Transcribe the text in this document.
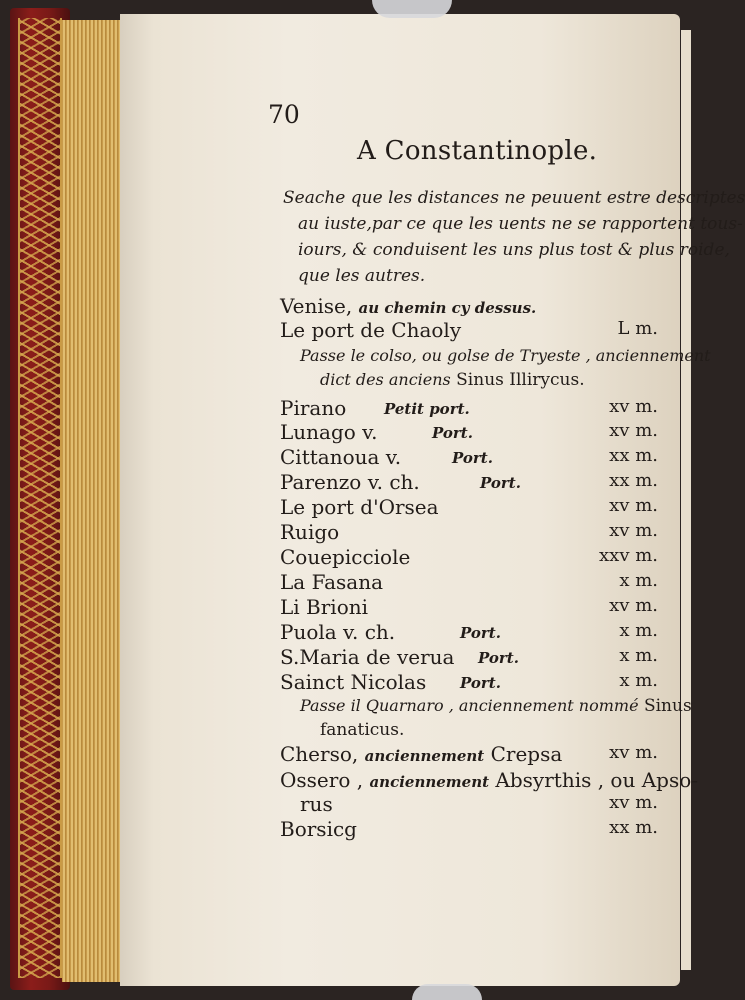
70
A Constantinople.
Seache que les distances ne peuuent estre descriptes
au iuste,par ce que les uents ne se rapportent tous-
iours, & conduisent les uns plus tost & plus roide,
que les autres.
Venise, au chemin cy dessus.
Le port de Chaoly	L m.
Passe le colso, ou golse de Tryeste , anciennement
dict des anciens Sinus Illirycus.
Pirano	Petit port.	xv m.
Lunago v.	Port.	xv m.
Cittanoua v.	Port.	xx m.
Parenzo v. ch.	Port.	xx m.
Le port d'Orsea	xv m.
Ruigo	xv m.
Couepicciole	xxv m.
La Fasana	x m.
Li Brioni	xv m.
Puola v. ch.	Port.	x m.
S.Maria de verua Port.	x m.
Sainct Nicolas Port.	x m.
Passe il Quarnaro , anciennement nommé Sinus
fanaticus.
Cherso, anciennement Crepsa	xv m.
Ossero , anciennement Absyrthis , ou Apso-
rus	xv m.
Borsicg	xx m.
